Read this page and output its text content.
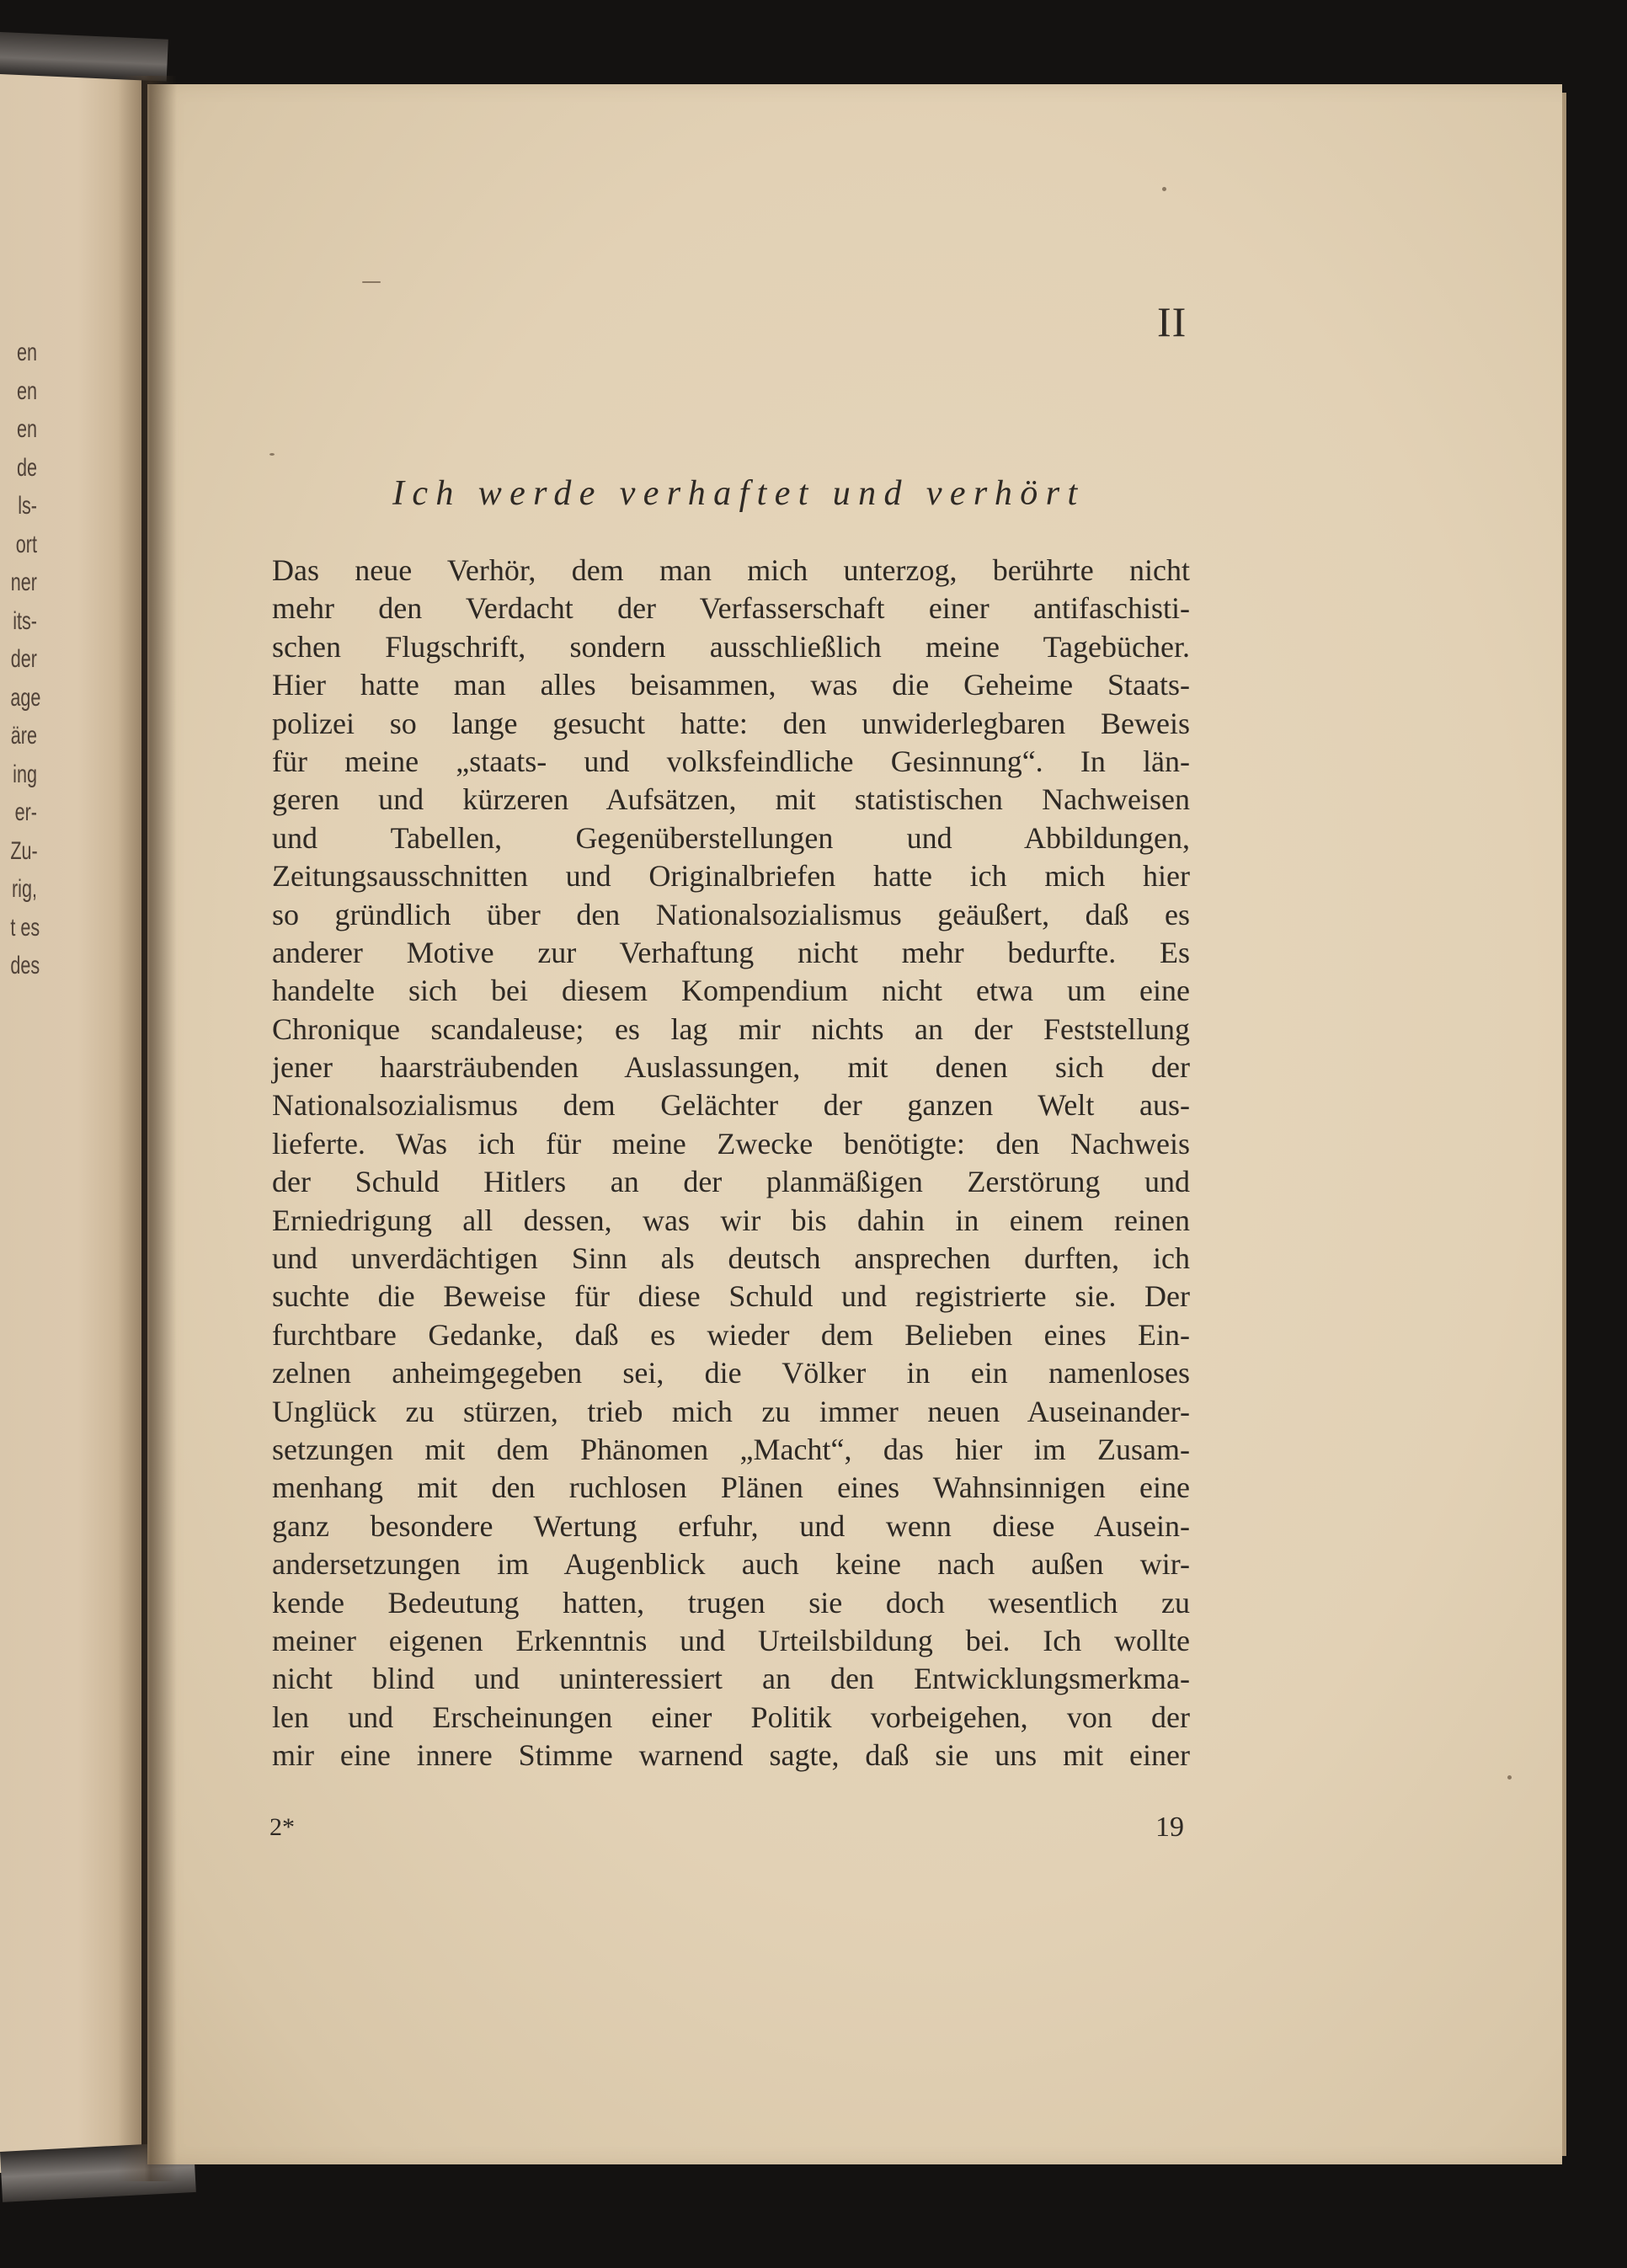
en
en
en
de
ls-
ort
ner
its-
der
age
äre
ing
er-
Zu-
rig,
t es
des
II
Ich werde verhaftet und verhört
Das neue Verhör, dem man mich unterzog, berührte nicht
mehr den Verdacht der Verfasserschaft einer antifaschisti-
schen Flugschrift, sondern ausschließlich meine Tagebücher.
Hier hatte man alles beisammen, was die Geheime Staats-
polizei so lange gesucht hatte: den unwiderlegbaren Beweis
für meine „staats- und volksfeindliche Gesinnung“. In län-
geren und kürzeren Aufsätzen, mit statistischen Nachweisen
und Tabellen, Gegenüberstellungen und Abbildungen,
Zeitungsausschnitten und Originalbriefen hatte ich mich hier
so gründlich über den Nationalsozialismus geäußert, daß es
anderer Motive zur Verhaftung nicht mehr bedurfte. Es
handelte sich bei diesem Kompendium nicht etwa um eine
Chronique scandaleuse; es lag mir nichts an der Feststellung
jener haarsträubenden Auslassungen, mit denen sich der
Nationalsozialismus dem Gelächter der ganzen Welt aus-
lieferte. Was ich für meine Zwecke benötigte: den Nachweis
der Schuld Hitlers an der planmäßigen Zerstörung und
Erniedrigung all dessen, was wir bis dahin in einem reinen
und unverdächtigen Sinn als deutsch ansprechen durften, ich
suchte die Beweise für diese Schuld und registrierte sie. Der
furchtbare Gedanke, daß es wieder dem Belieben eines Ein-
zelnen anheimgegeben sei, die Völker in ein namenloses
Unglück zu stürzen, trieb mich zu immer neuen Auseinander-
setzungen mit dem Phänomen „Macht“, das hier im Zusam-
menhang mit den ruchlosen Plänen eines Wahnsinnigen eine
ganz besondere Wertung erfuhr, und wenn diese Ausein-
andersetzungen im Augenblick auch keine nach außen wir-
kende Bedeutung hatten, trugen sie doch wesentlich zu
meiner eigenen Erkenntnis und Urteilsbildung bei. Ich wollte
nicht blind und uninteressiert an den Entwicklungsmerkma-
len und Erscheinungen einer Politik vorbeigehen, von der
mir eine innere Stimme warnend sagte, daß sie uns mit einer
2*	19
